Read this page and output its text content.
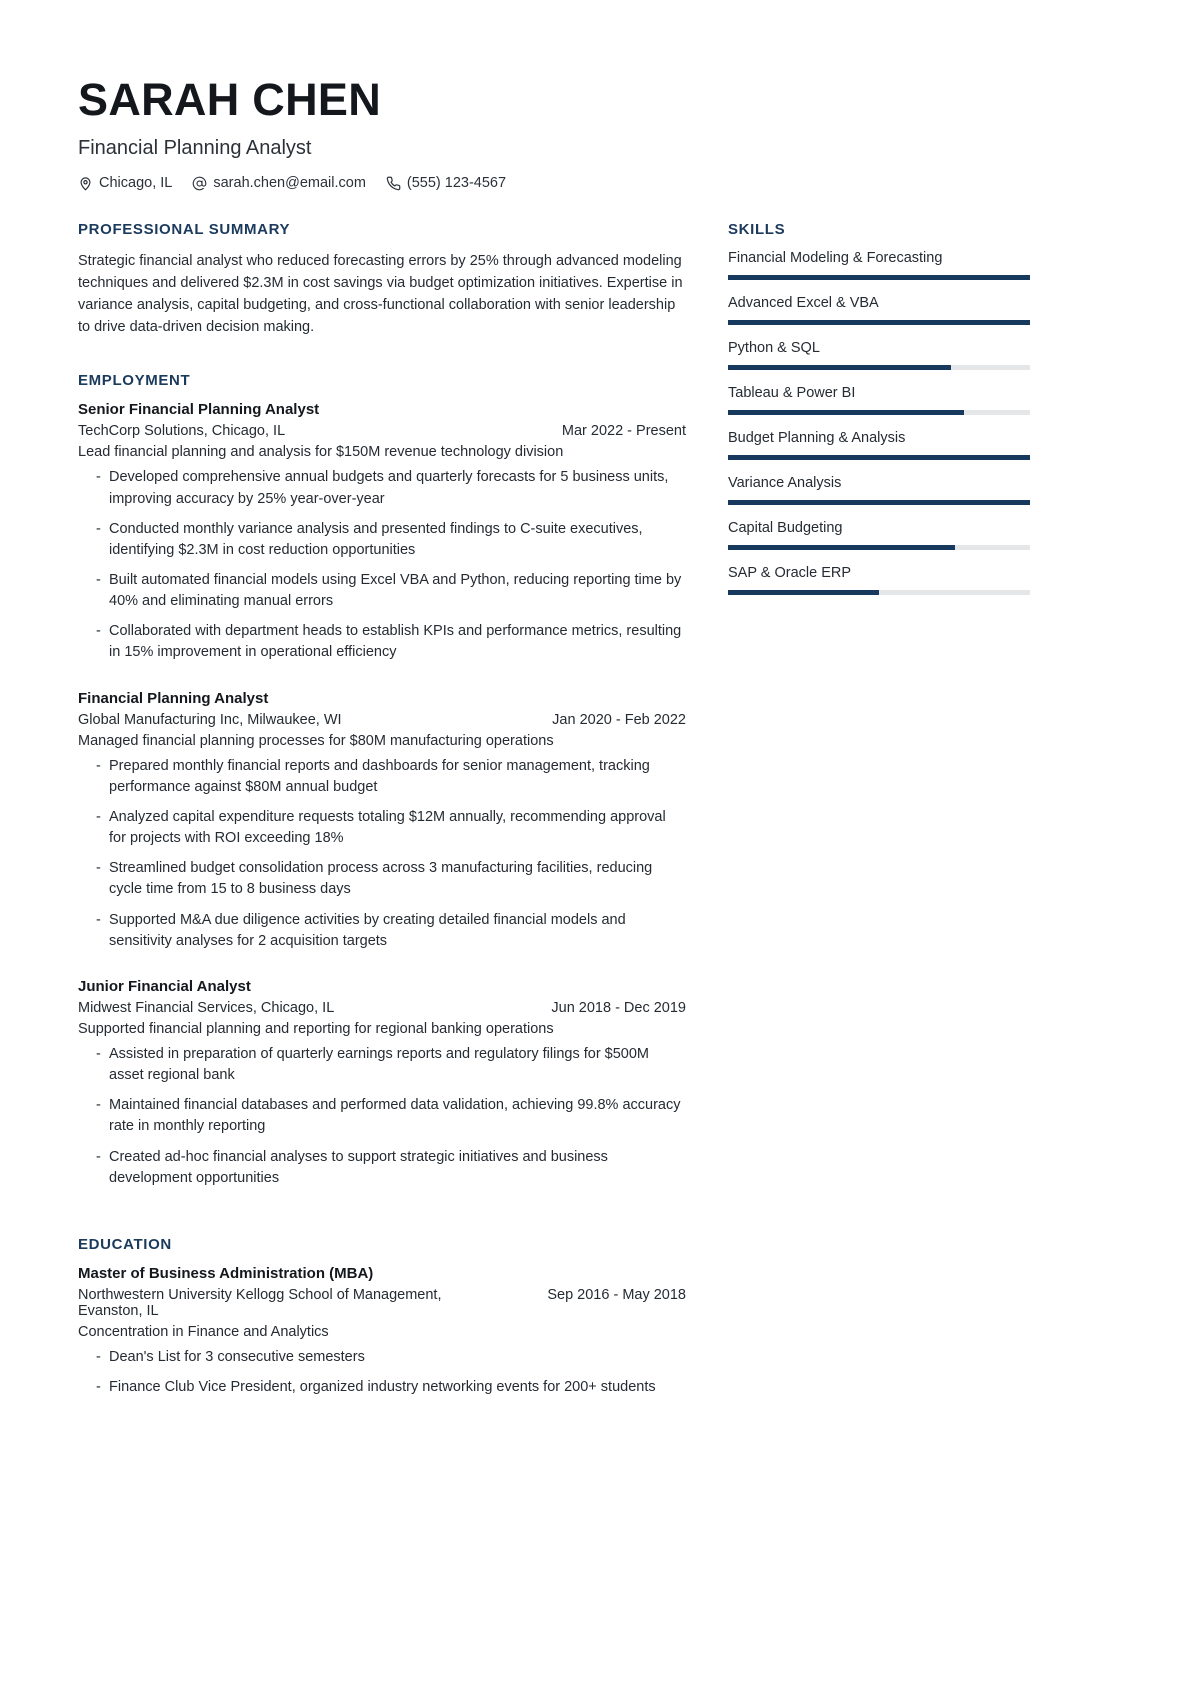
SARAH CHEN
Financial Planning Analyst
Chicago, IL	sarah.chen@email.com	(555) 123-4567
PROFESSIONAL SUMMARY
Strategic financial analyst who reduced forecasting errors by 25% through advanced modeling techniques and delivered $2.3M in cost savings via budget optimization initiatives. Expertise in variance analysis, capital budgeting, and cross-functional collaboration with senior leadership to drive data-driven decision making.
EMPLOYMENT
Senior Financial Planning Analyst
TechCorp Solutions, Chicago, IL	Mar 2022 - Present
Lead financial planning and analysis for $150M revenue technology division
- Developed comprehensive annual budgets and quarterly forecasts for 5 business units, improving accuracy by 25% year-over-year
- Conducted monthly variance analysis and presented findings to C-suite executives, identifying $2.3M in cost reduction opportunities
- Built automated financial models using Excel VBA and Python, reducing reporting time by 40% and eliminating manual errors
- Collaborated with department heads to establish KPIs and performance metrics, resulting in 15% improvement in operational efficiency
Financial Planning Analyst
Global Manufacturing Inc, Milwaukee, WI	Jan 2020 - Feb 2022
Managed financial planning processes for $80M manufacturing operations
- Prepared monthly financial reports and dashboards for senior management, tracking performance against $80M annual budget
- Analyzed capital expenditure requests totaling $12M annually, recommending approval for projects with ROI exceeding 18%
- Streamlined budget consolidation process across 3 manufacturing facilities, reducing cycle time from 15 to 8 business days
- Supported M&A due diligence activities by creating detailed financial models and sensitivity analyses for 2 acquisition targets
Junior Financial Analyst
Midwest Financial Services, Chicago, IL	Jun 2018 - Dec 2019
Supported financial planning and reporting for regional banking operations
- Assisted in preparation of quarterly earnings reports and regulatory filings for $500M asset regional bank
- Maintained financial databases and performed data validation, achieving 99.8% accuracy rate in monthly reporting
- Created ad-hoc financial analyses to support strategic initiatives and business development opportunities
EDUCATION
Master of Business Administration (MBA)
Northwestern University Kellogg School of Management, Evanston, IL
Sep 2016 - May 2018
Concentration in Finance and Analytics
- Dean's List for 3 consecutive semesters
- Finance Club Vice President, organized industry networking events for 200+ students
SKILLS
Financial Modeling & Forecasting
Advanced Excel & VBA
Python & SQL
Tableau & Power BI
Budget Planning & Analysis
Variance Analysis
Capital Budgeting
SAP & Oracle ERP
